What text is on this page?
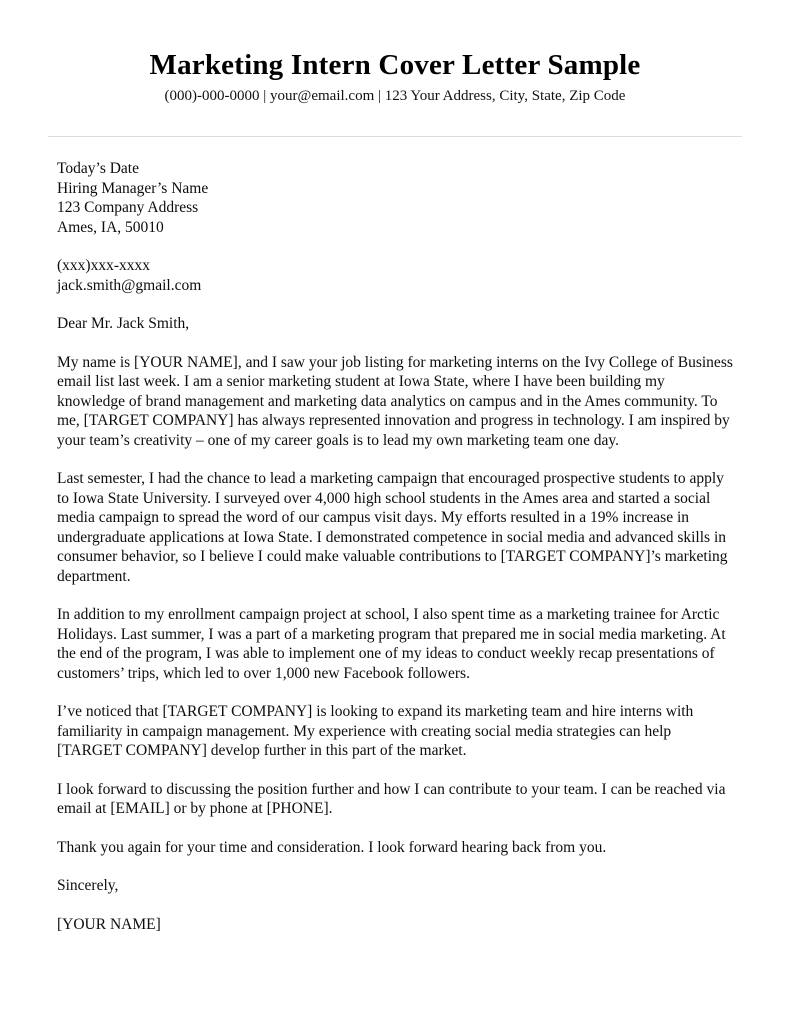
Marketing Intern Cover Letter Sample
(000)-000-0000 | your@email.com | 123 Your Address, City, State, Zip Code
Today’s Date
Hiring Manager’s Name
123 Company Address
Ames, IA, 50010
(xxx)xxx-xxxx
jack.smith@gmail.com

Dear Mr. Jack Smith,

My name is [YOUR NAME], and I saw your job listing for marketing interns on the Ivy College of Business email list last week. I am a senior marketing student at Iowa State, where I have been building my knowledge of brand management and marketing data analytics on campus and in the Ames community. To me, [TARGET COMPANY] has always represented innovation and progress in technology. I am inspired by your team’s creativity – one of my career goals is to lead my own marketing team one day.

Last semester, I had the chance to lead a marketing campaign that encouraged prospective students to apply to Iowa State University. I surveyed over 4,000 high school students in the Ames area and started a social media campaign to spread the word of our campus visit days. My efforts resulted in a 19% increase in undergraduate applications at Iowa State. I demonstrated competence in social media and advanced skills in consumer behavior, so I believe I could make valuable contributions to [TARGET COMPANY]’s marketing department.

In addition to my enrollment campaign project at school, I also spent time as a marketing trainee for Arctic Holidays. Last summer, I was a part of a marketing program that prepared me in social media marketing. At the end of the program, I was able to implement one of my ideas to conduct weekly recap presentations of customers’ trips, which led to over 1,000 new Facebook followers.

I’ve noticed that [TARGET COMPANY] is looking to expand its marketing team and hire interns with familiarity in campaign management. My experience with creating social media strategies can help [TARGET COMPANY] develop further in this part of the market.

I look forward to discussing the position further and how I can contribute to your team. I can be reached via email at [EMAIL] or by phone at [PHONE].

Thank you again for your time and consideration. I look forward hearing back from you.

Sincerely,

[YOUR NAME]
